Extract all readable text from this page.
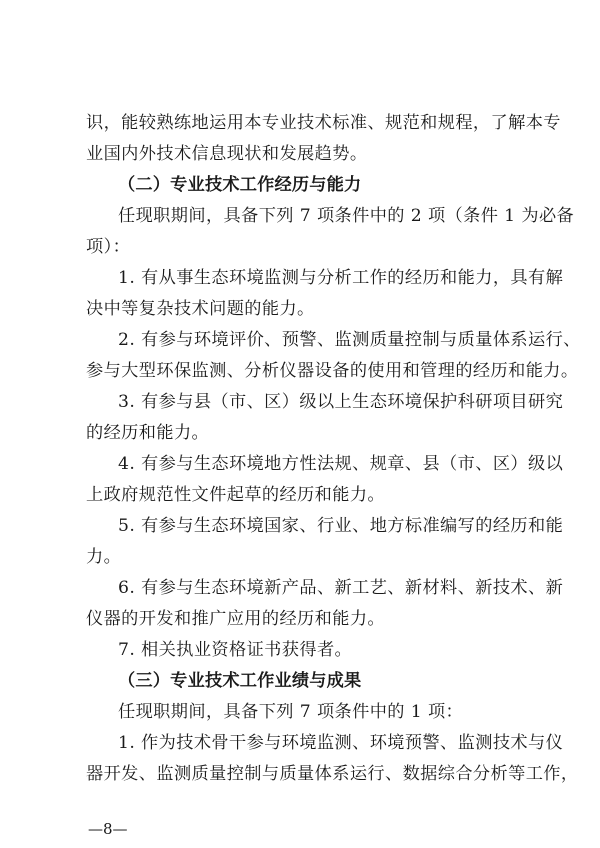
识，能较熟练地运用本专业技术标准、规范和规程，了解本专
业国内外技术信息现状和发展趋势。
（二）专业技术工作经历与能力
任现职期间，具备下列 7 项条件中的 2 项（条件 1 为必备
项）：
1. 有从事生态环境监测与分析工作的经历和能力，具有解
决中等复杂技术问题的能力。
2. 有参与环境评价、预警、监测质量控制与质量体系运行、
参与大型环保监测、分析仪器设备的使用和管理的经历和能力。
3. 有参与县（市、区）级以上生态环境保护科研项目研究
的经历和能力。
4. 有参与生态环境地方性法规、规章、县（市、区）级以
上政府规范性文件起草的经历和能力。
5. 有参与生态环境国家、行业、地方标准编写的经历和能
力。
6. 有参与生态环境新产品、新工艺、新材料、新技术、新
仪器的开发和推广应用的经历和能力。
7. 相关执业资格证书获得者。
（三）专业技术工作业绩与成果
任现职期间，具备下列 7 项条件中的 1 项：
1. 作为技术骨干参与环境监测、环境预警、监测技术与仪
器开发、监测质量控制与质量体系运行、数据综合分析等工作，
—8—
